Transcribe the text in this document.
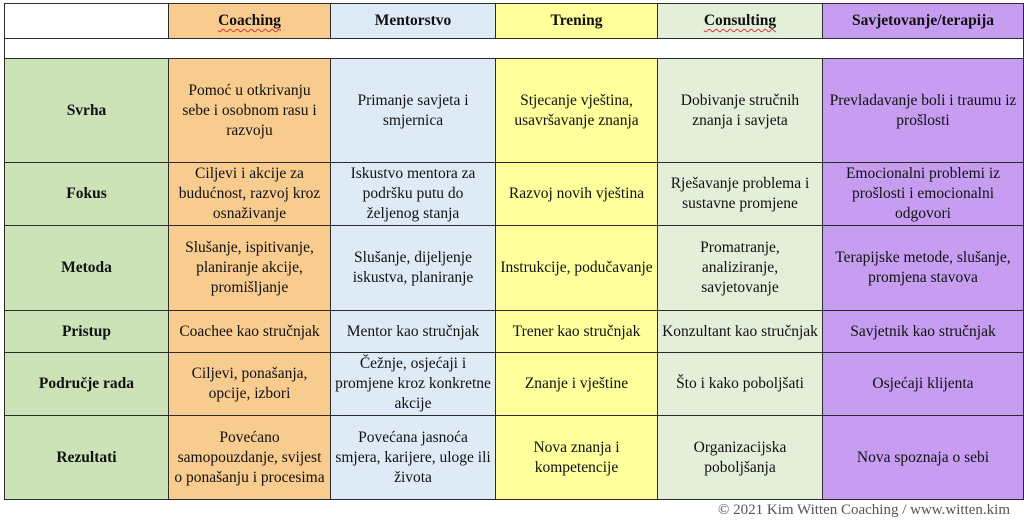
	Coaching	Mentorstvo	Trening	Consulting	Savjetovanje/terapija

Svrha	Pomoć u otkrivanju sebe i osobnom rasu i razvoju	Primanje savjeta i smjernica	Stjecanje vještina, usavršavanje znanja	Dobivanje stručnih znanja i savjeta	Prevladavanje boli i traumu iz prošlosti
Fokus	Ciljevi i akcije za budućnost, razvoj kroz osnaživanje	Iskustvo mentora za podršku putu do željenog stanja	Razvoj novih vještina	Rješavanje problema i sustavne promjene	Emocionalni problemi iz prošlosti i emocionalni odgovori
Metoda	Slušanje, ispitivanje, planiranje akcije, promišljanje	Slušanje, dijeljenje iskustva, planiranje	Instrukcije, podučavanje	Promatranje, analiziranje, savjetovanje	Terapijske metode, slušanje, promjena stavova
Pristup	Coachee kao stručnjak	Mentor kao stručnjak	Trener kao stručnjak	Konzultant kao stručnjak	Savjetnik kao stručnjak
Područje rada	Ciljevi, ponašanja, opcije, izbori	Čežnje, osjećaji i promjene kroz konkretne akcije	Znanje i vještine	Što i kako poboljšati	Osjećaji klijenta
Rezultati	Povećano samopouzdanje, svijest o ponašanju i procesima	Povećana jasnoća smjera, karijere, uloge ili života	Nova znanja i kompetencije	Organizacijska poboljšanja	Nova spoznaja o sebi
© 2021 Kim Witten Coaching / www.witten.kim
